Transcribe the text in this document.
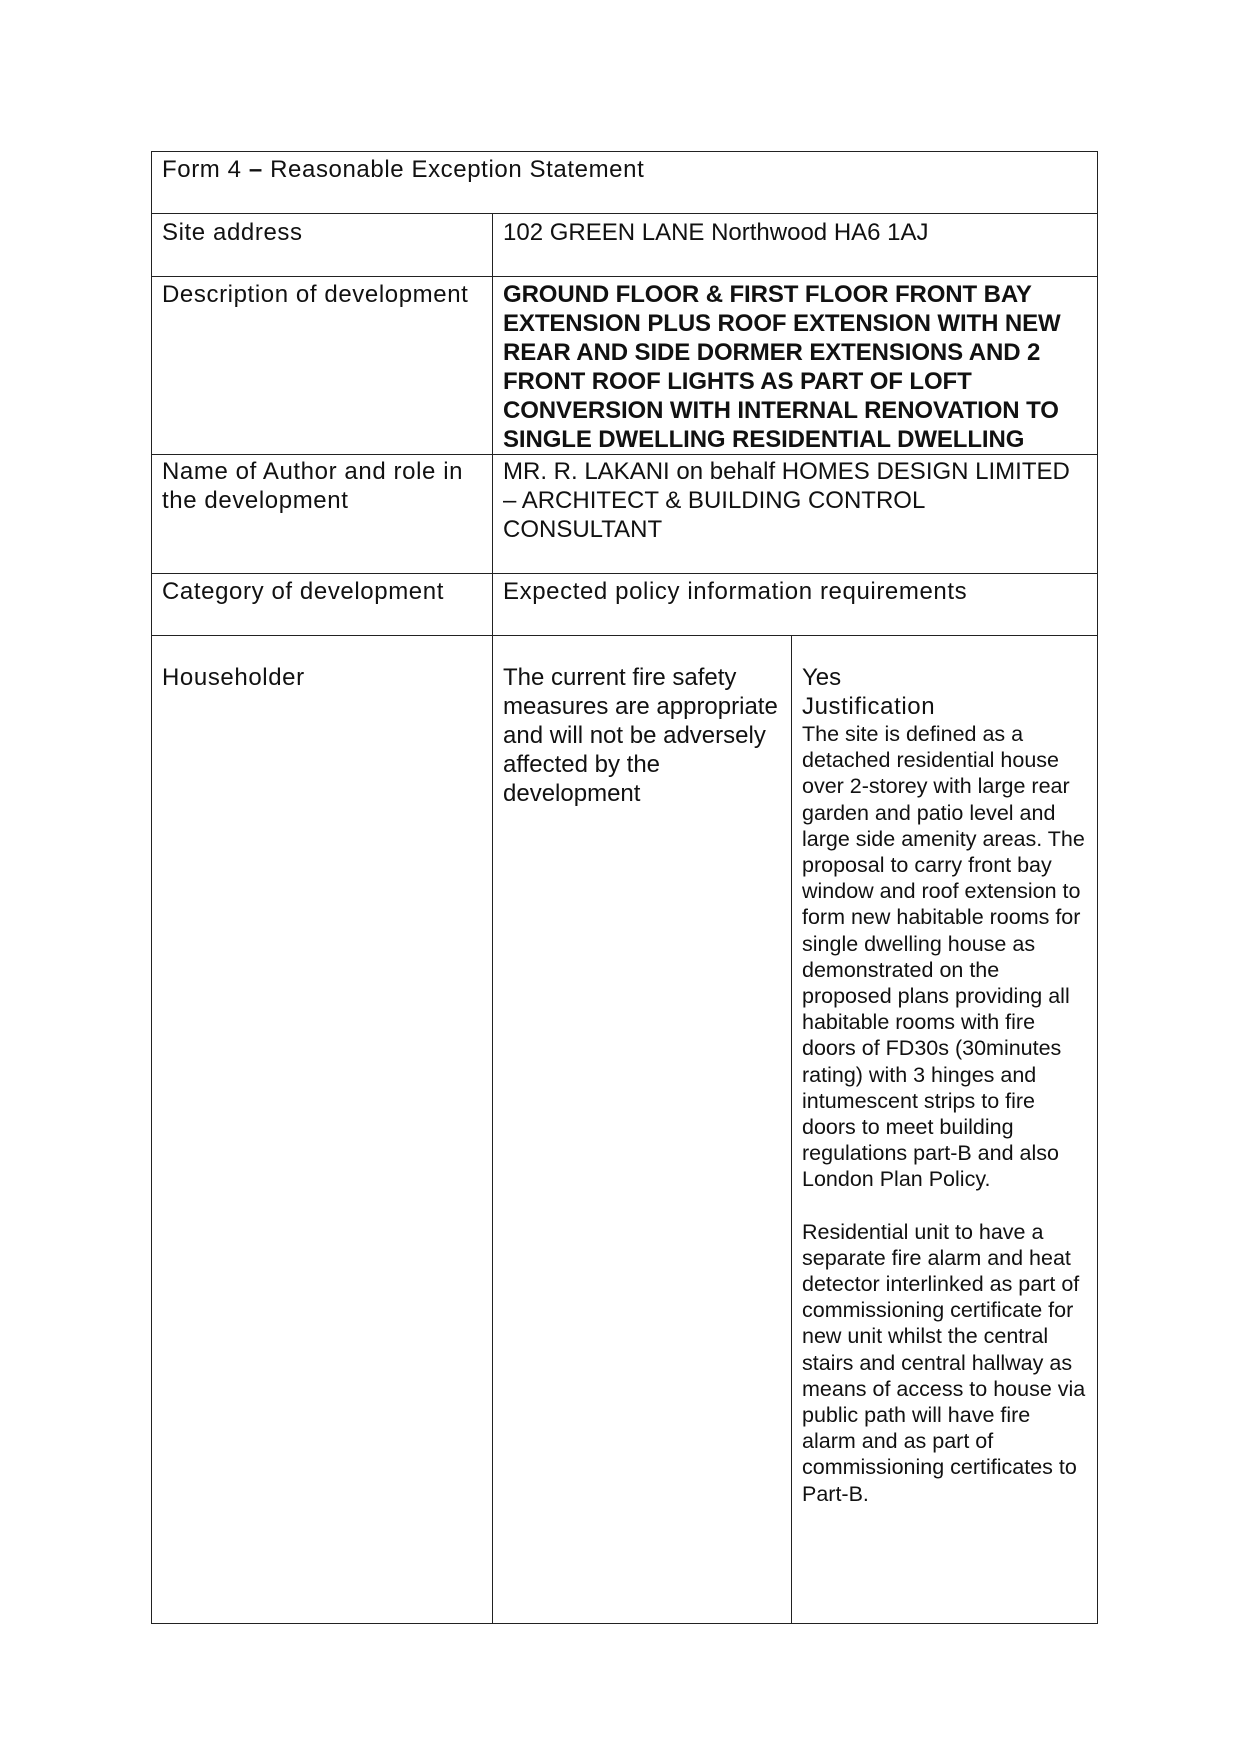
Form 4 – Reasonable Exception Statement		
Site address	102 GREEN LANE Northwood HA6 1AJ	
Description of development	GROUND FLOOR & FIRST FLOOR FRONT BAY EXTENSION PLUS ROOF EXTENSION WITH NEW REAR AND SIDE DORMER EXTENSIONS AND 2 FRONT ROOF LIGHTS AS PART OF LOFT CONVERSION WITH INTERNAL RENOVATION TO SINGLE DWELLING RESIDENTIAL DWELLING	
Name of Author and role in the development	MR. R. LAKANI on behalf HOMES DESIGN LIMITED – ARCHITECT & BUILDING CONTROL CONSULTANT	
Category of development	Expected policy information requirements	
Householder	The current fire safety measures are appropriate and will not be adversely affected by the development	Yes
Justification
The site is defined as a detached residential house over 2-storey with large rear garden and patio level and large side amenity areas. The proposal to carry front bay window and roof extension to form new habitable rooms for single dwelling house as demonstrated on the proposed plans providing all habitable rooms with fire doors of FD30s (30minutes rating) with 3 hinges and intumescent strips to fire doors to meet building regulations part-B and also London Plan Policy.
Residential unit to have a separate fire alarm and heat detector interlinked as part of commissioning certificate for new unit whilst the central stairs and central hallway as means of access to house via public path will have fire alarm and as part of commissioning certificates to Part-B.
